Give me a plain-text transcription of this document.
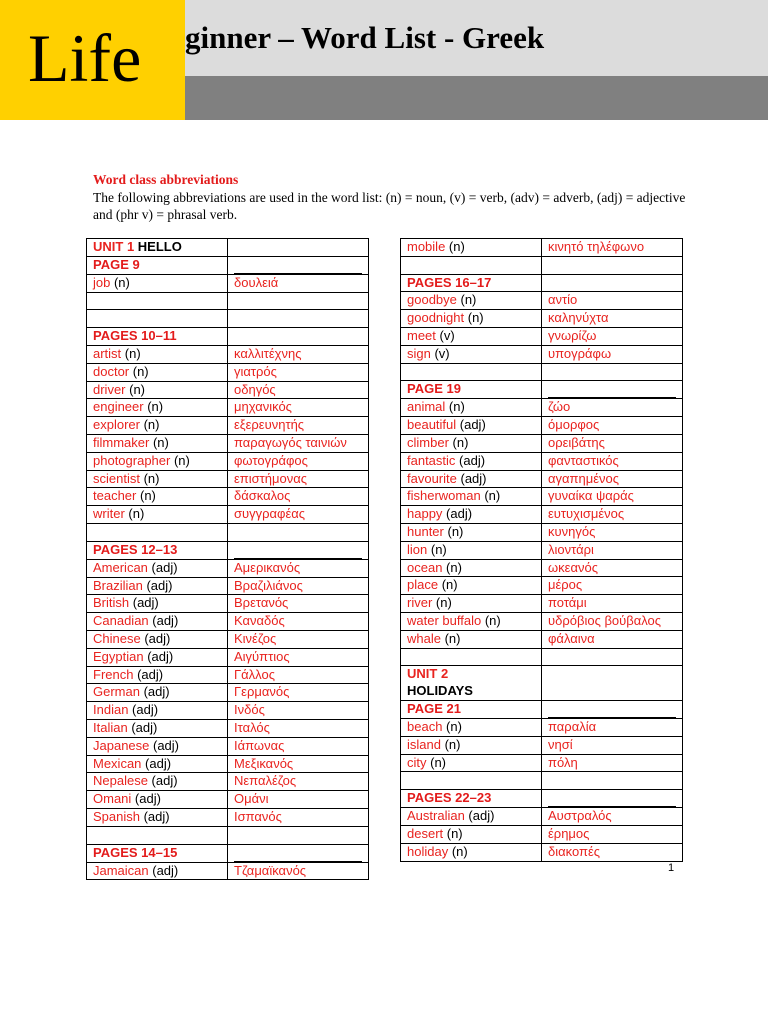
ginner – Word List - Greek
Life
Word class abbreviations
The following abbreviations are used in the word list: (n) = noun, (v) = verb, (adv) = adverb, (adj) = adjective and (phr v) = phrasal verb.
UNIT 1 HELLO	
PAGE 9	

job (n)	δουλειά

PAGES 10–11	
artist (n)	καλλιτέχνης
doctor (n)	γιατρός
driver (n)	οδηγός
engineer (n)	μηχανικός
explorer (n)	εξερευνητής
filmmaker (n)	παραγωγός ταινιών
photographer (n)	φωτογράφος
scientist (n)	επιστήμονας
teacher (n)	δάσκαλος
writer (n)	συγγραφέας

PAGES 12–13	

American (adj)	Αμερικανός
Brazilian (adj)	Βραζιλιάνος
British (adj)	Βρετανός
Canadian (adj)	Καναδός
Chinese (adj)	Κινέζος
Egyptian (adj)	Αιγύπτιος
French (adj)	Γάλλος
German (adj)	Γερμανός
Indian (adj)	Ινδός
Italian (adj)	Ιταλός
Japanese (adj)	Ιάπωνας
Mexican (adj)	Μεξικανός
Nepalese (adj)	Νεπαλέζος
Omani (adj)	Ομάνι
Spanish (adj)	Ισπανός

PAGES 14–15	

Jamaican (adj)	Τζαμαϊκανός
mobile (n)	κινητό τηλέφωνο

PAGES 16–17	
goodbye (n)	αντίο
goodnight (n)	καληνύχτα
meet (v)	γνωρίζω
sign (v)	υπογράφω

PAGE 19	

animal (n)	ζώο
beautiful (adj)	όμορφος
climber (n)	ορειβάτης
fantastic (adj)	φανταστικός
favourite (adj)	αγαπημένος
fisherwoman (n)	γυναίκα ψαράς
happy (adj)	ευτυχισμένος
hunter (n)	κυνηγός
lion (n)	λιοντάρι
ocean (n)	ωκεανός
place (n)	μέρος
river (n)	ποτάμι
water buffalo (n)	υδρόβιος βούβαλος
whale (n)	φάλαινα

UNIT 2
HOLIDAYS	
PAGE 21	

beach (n)	παραλία
island (n)	νησί
city (n)	πόλη

PAGES 22–23	

Australian (adj)	Αυστραλός
desert (n)	έρημος
holiday (n)	διακοπές
1
